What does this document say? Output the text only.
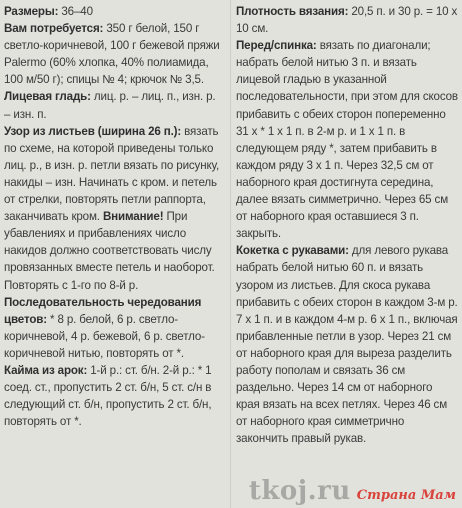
Размеры: 36–40

Вам потребуется: 350 г белой, 150 г светло-коричневой, 100 г бежевой пряжи Palermo (60% хлопка, 40% полиамида, 100 м/50 г); спицы № 4; крючок № 3,5.

Лицевая гладь: лиц. р. – лиц. п., изн. р. – изн. п.

Узор из листьев (ширина 26 п.): вязать по схеме, на которой приведены только лиц. р., в изн. р. петли вязать по рисунку, накиды – изн. Начинать с кром. и петель от стрелки, повторять петли раппорта, заканчивать кром. Внимание! При убавлениях и прибавлениях число накидов должно соответствовать числу провязанных вместе петель и наоборот. Повторять с 1-го по 8-й р.

Последовательность чередования цветов: * 8 р. белой, 6 р. светло-коричневой, 4 р. бежевой, 6 р. светло-коричневой нитью, повторять от *.

Кайма из арок: 1-й р.: ст. б/н. 2-й р.: * 1 соед. ст., пропустить 2 ст. б/н, 5 ст. с/н в следующий ст. б/н, пропустить 2 ст. б/н, повторять от *.

Плотность вязания: 20,5 п. и 30 р. = 10 х 10 см.

Перед/спинка: вязать по диагонали; набрать белой нитью 3 п. и вязать лицевой гладью в указанной последовательности, при этом для скосов прибавить с обеих сторон попеременно 31 х * 1 х 1 п. в 2-м р. и 1 х 1 п. в следующем ряду *, затем прибавить в каждом ряду 3 х 1 п. Через 32,5 см от наборного края достигнута середина, далее вязать симметрично. Через 65 см от наборного края оставшиеся 3 п. закрыть.

Кокетка с рукавами: для левого рукава набрать белой нитью 60 п. и вязать узором из листьев. Для скоса рукава прибавить с обеих сторон в каждом 3-м р. 7 х 1 п. и в каждом 4-м р. 6 х 1 п., включая прибавленные петли в узор. Через 21 см от наборного края для выреза разделить работу пополам и связать 36 см раздельно. Через 14 см от наборного края вязать на всех петлях. Через 46 см от наборного края симметрично закончить правый рукав.

tkoj.ru Страна Мам
